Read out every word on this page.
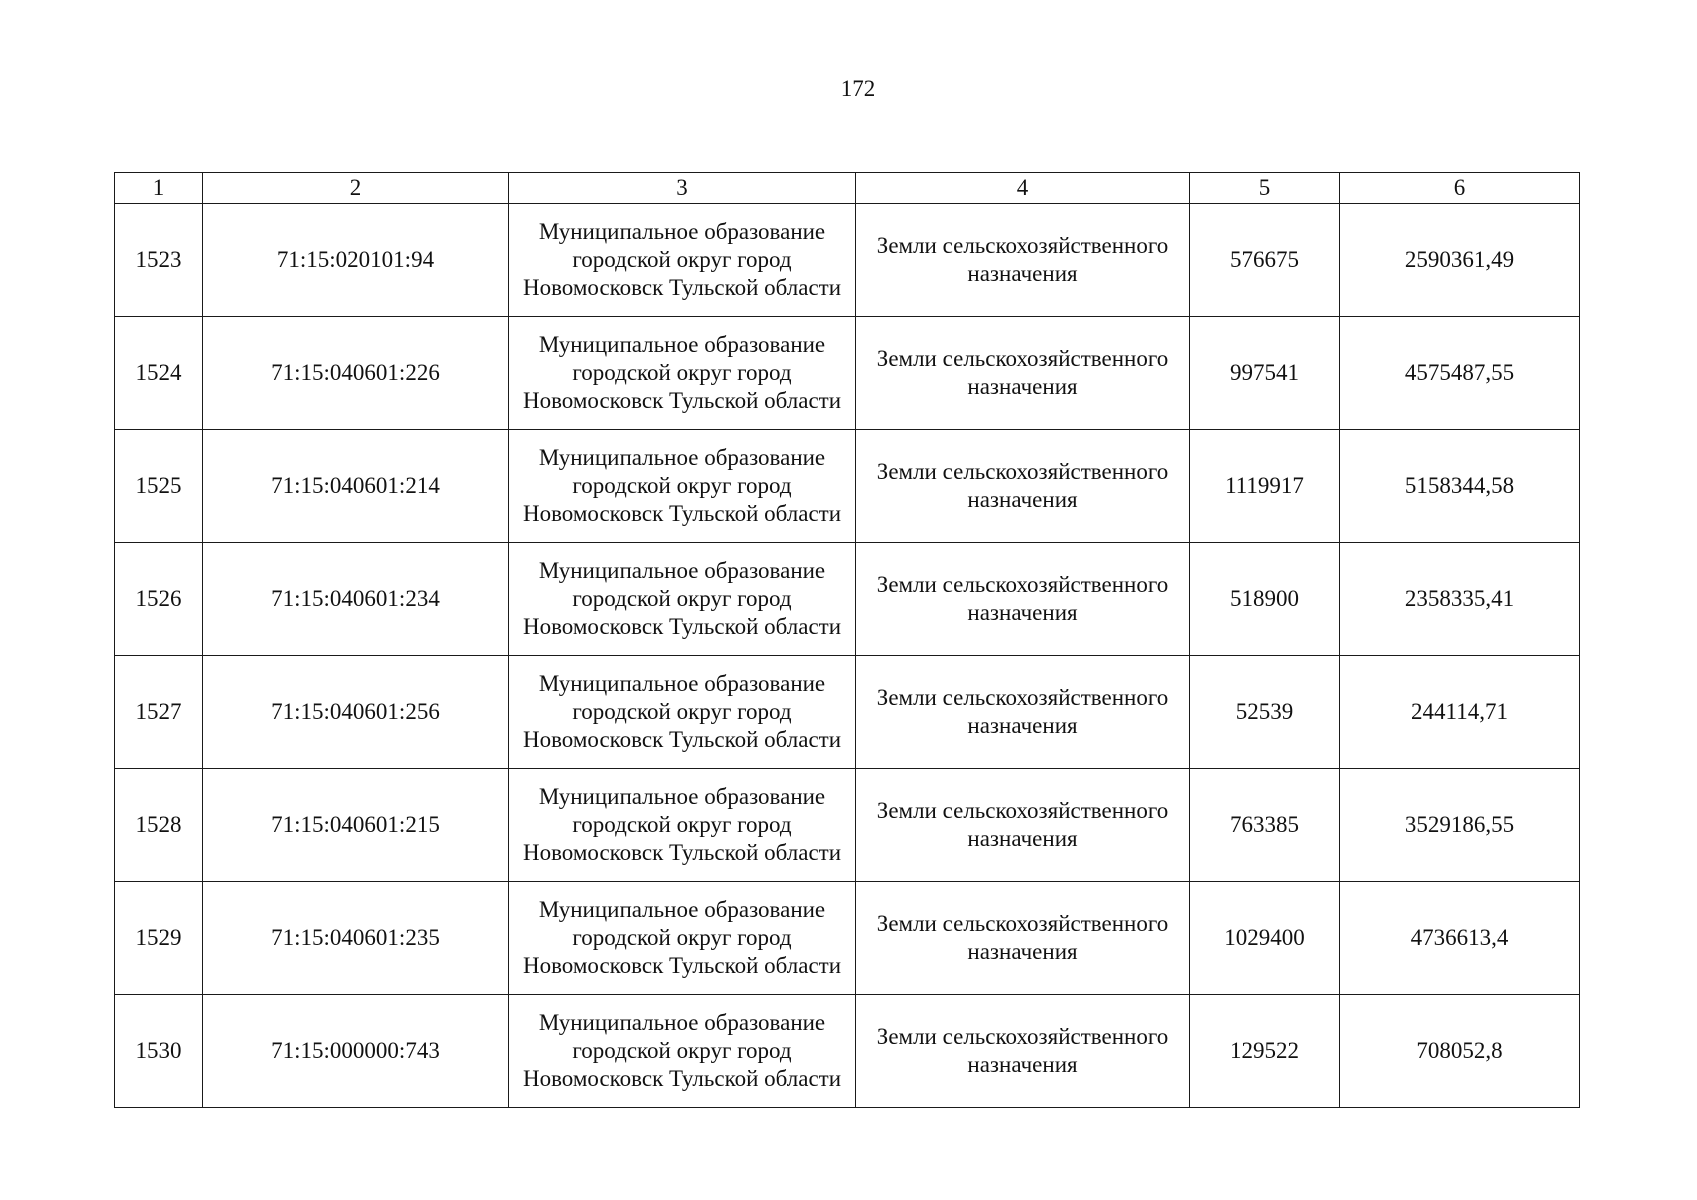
172
1	2	3	4	5	6
1523	71:15:020101:94	Муниципальное образование городской округ город Новомосковск Тульской области	Земли сельскохозяйственного назначения	576675	2590361,49
1524	71:15:040601:226	Муниципальное образование городской округ город Новомосковск Тульской области	Земли сельскохозяйственного назначения	997541	4575487,55
1525	71:15:040601:214	Муниципальное образование городской округ город Новомосковск Тульской области	Земли сельскохозяйственного назначения	1119917	5158344,58
1526	71:15:040601:234	Муниципальное образование городской округ город Новомосковск Тульской области	Земли сельскохозяйственного назначения	518900	2358335,41
1527	71:15:040601:256	Муниципальное образование городской округ город Новомосковск Тульской области	Земли сельскохозяйственного назначения	52539	244114,71
1528	71:15:040601:215	Муниципальное образование городской округ город Новомосковск Тульской области	Земли сельскохозяйственного назначения	763385	3529186,55
1529	71:15:040601:235	Муниципальное образование городской округ город Новомосковск Тульской области	Земли сельскохозяйственного назначения	1029400	4736613,4
1530	71:15:000000:743	Муниципальное образование городской округ город Новомосковск Тульской области	Земли сельскохозяйственного назначения	129522	708052,8
